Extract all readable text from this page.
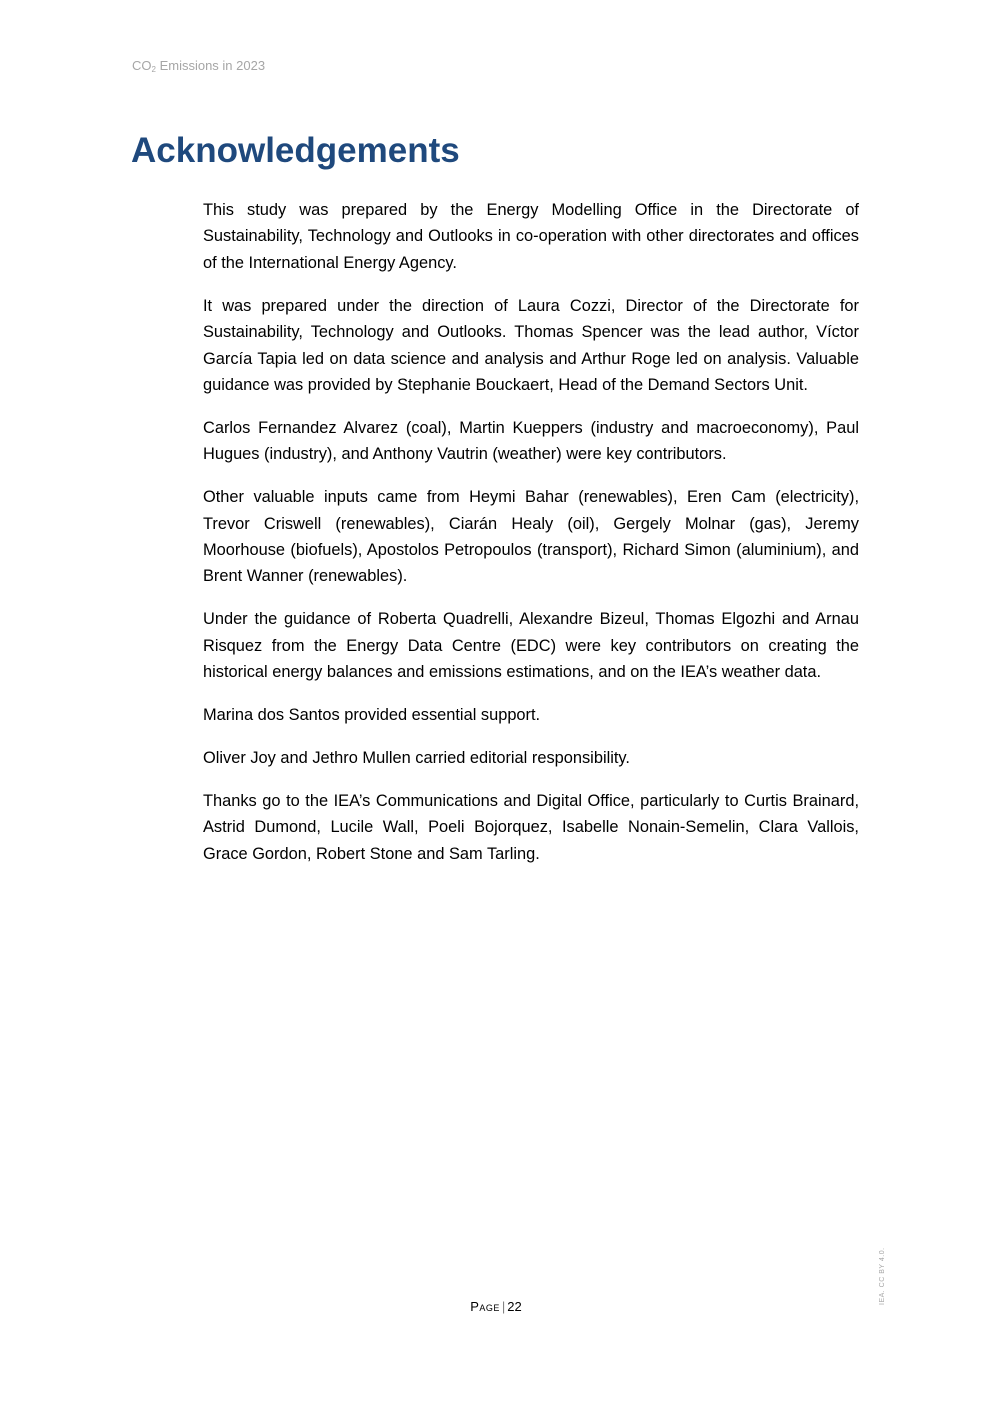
$CO_2$ Emissions in 2023
Acknowledgements

This study was prepared by the Energy Modelling Office in the Directorate of Sustainability, Technology and Outlooks in co-operation with other directorates and offices of the International Energy Agency.

It was prepared under the direction of Laura Cozzi, Director of the Directorate for Sustainability, Technology and Outlooks. Thomas Spencer was the lead author, Víctor García Tapia led on data science and analysis and Arthur Roge led on analysis. Valuable guidance was provided by Stephanie Bouckaert, Head of the Demand Sectors Unit.

Carlos Fernandez Alvarez (coal), Martin Kueppers (industry and macroeconomy), Paul Hugues (industry), and Anthony Vautrin (weather) were key contributors.

Other valuable inputs came from Heymi Bahar (renewables), Eren Cam (electricity), Trevor Criswell (renewables), Ciarán Healy (oil), Gergely Molnar (gas), Jeremy Moorhouse (biofuels), Apostolos Petropoulos (transport), Richard Simon (aluminium), and Brent Wanner (renewables).

Under the guidance of Roberta Quadrelli, Alexandre Bizeul, Thomas Elgozhi and Arnau Risquez from the Energy Data Centre (EDC) were key contributors on creating the historical energy balances and emissions estimations, and on the IEA’s weather data.

Marina dos Santos provided essential support.

Oliver Joy and Jethro Mullen carried editorial responsibility.

Thanks go to the IEA’s Communications and Digital Office, particularly to Curtis Brainard, Astrid Dumond, Lucile Wall, Poeli Bojorquez, Isabelle Nonain-Semelin, Clara Vallois, Grace Gordon, Robert Stone and Sam Tarling.

Page | 22
IEA. CC BY 4.0.
